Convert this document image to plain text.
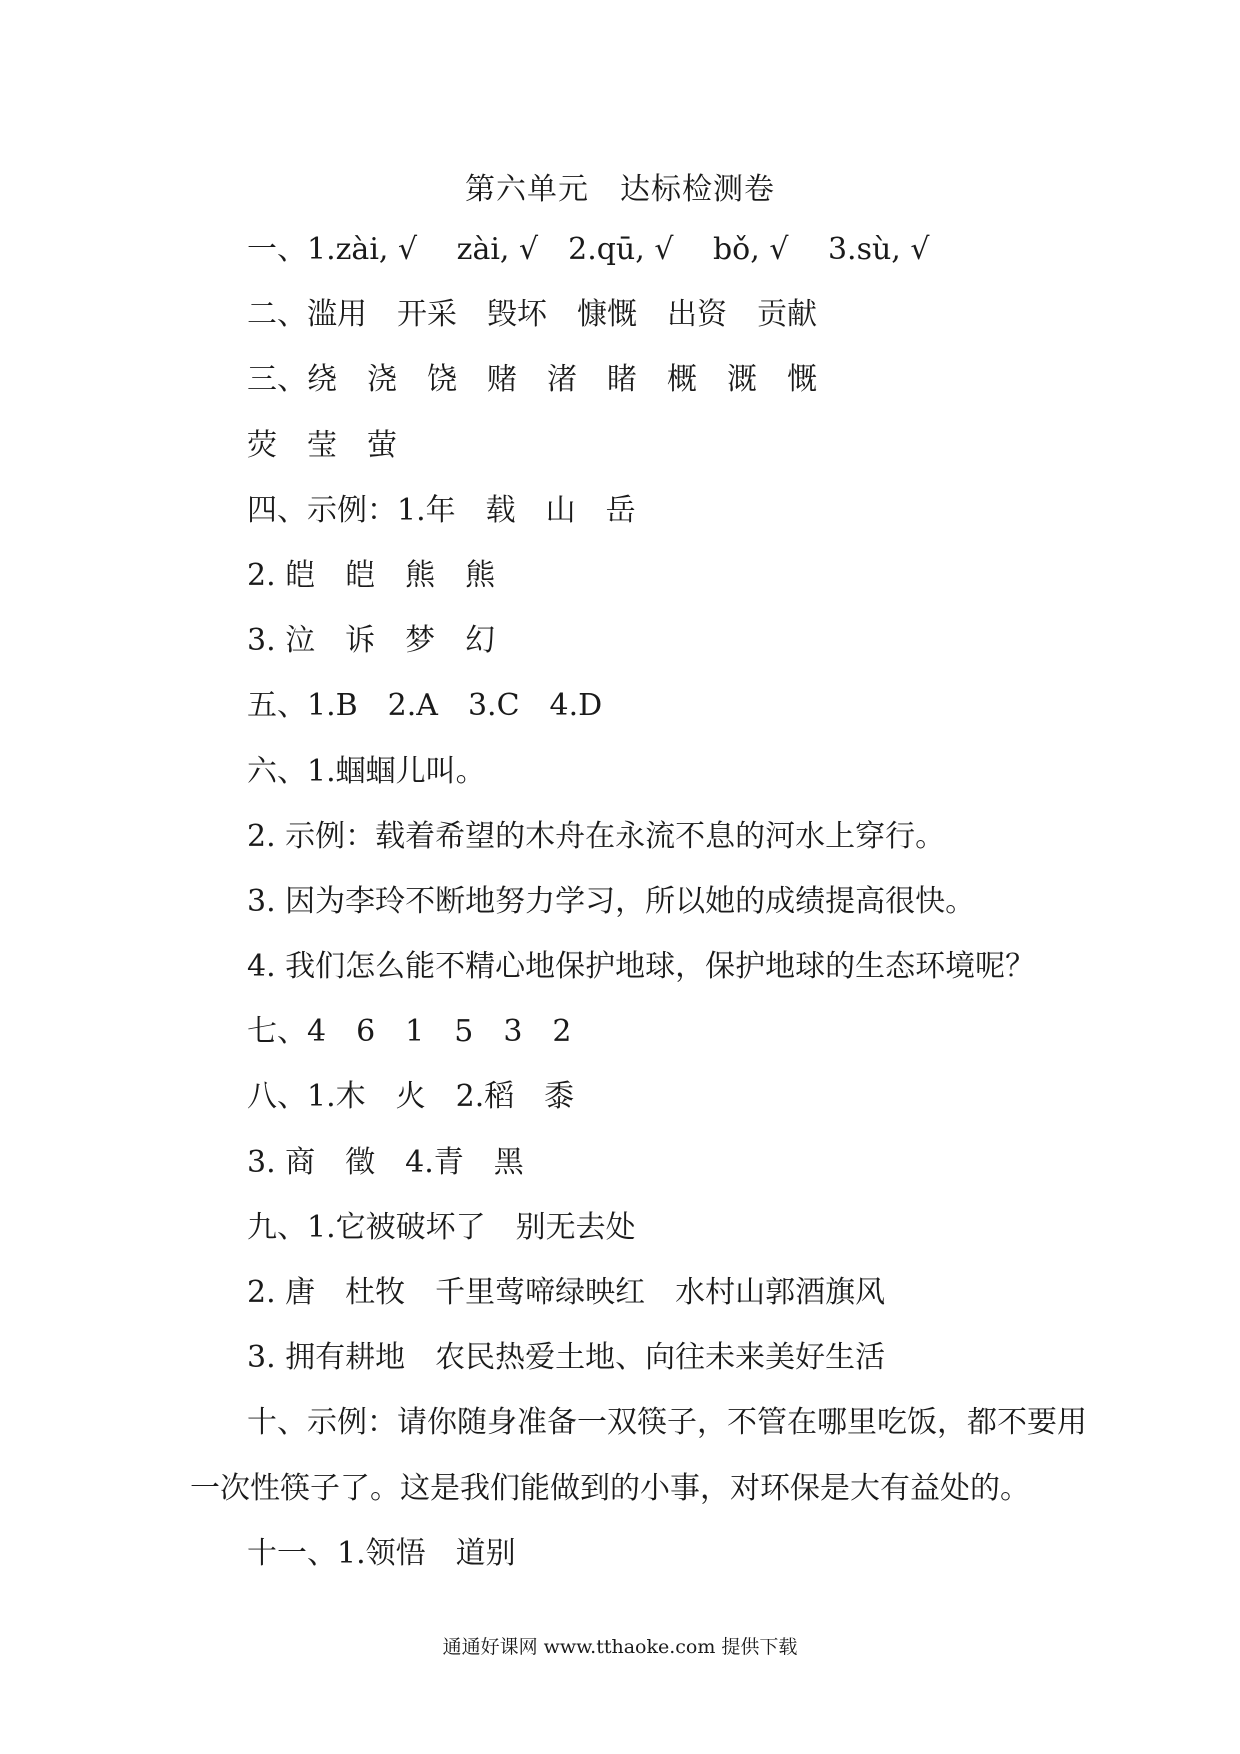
第六单元　达标检测卷
一、1.zài, √　 zài, √　2.qū, √　 bǒ, √　 3.sù, √
二、滥用　开采　毁坏　慷慨　出资　贡献
三、绕　浇　饶　赌　渚　睹　概　溉　慨
荧　莹　萤
四、示例：1.年　载　山　岳
2. 皑　皑　熊　熊
3. 泣　诉　梦　幻
五、1.B　2.A　3.C　4.D
六、1.蝈蝈儿叫。
2. 示例：载着希望的木舟在永流不息的河水上穿行。
3. 因为李玲不断地努力学习，所以她的成绩提高很快。
4. 我们怎么能不精心地保护地球，保护地球的生态环境呢？
七、4　6　1　5　3　2
八、1.木　火　2.稻　黍
3. 商　徵　4.青　黑
九、1.它被破坏了　别无去处
2. 唐　杜牧　千里莺啼绿映红　水村山郭酒旗风
3. 拥有耕地　农民热爱土地、向往未来美好生活
十、示例：请你随身准备一双筷子，不管在哪里吃饭，都不要用
一次性筷子了。这是我们能做到的小事，对环保是大有益处的。
十一、1.领悟　道别
通通好课网 www.tthaoke.com 提供下载
